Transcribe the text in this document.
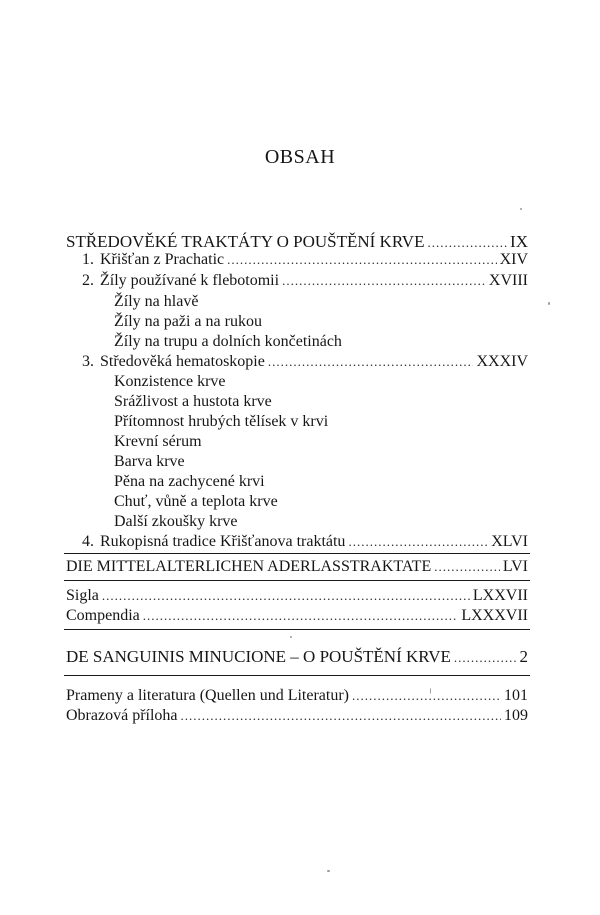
OBSAH
STŘEDOVĚKÉ TRAKTÁTY O POUŠTĚNÍ KRVE .....	IX
1. Křišťan z Prachatic .....	XIV
2. Žíly používané k flebotomii .....	XVIII
Žíly na hlavě
Žíly na paži a na rukou
Žíly na trupu a dolních končetinách
3. Středověká hematoskopie .....	XXXIV
Konzistence krve
Srážlivost a hustota krve
Přítomnost hrubých tělísek v krvi
Krevní sérum
Barva krve
Pěna na zachycené krvi
Chuť, vůně a teplota krve
Další zkoušky krve
4. Rukopisná tradice Křišťanova traktátu .....	XLVI
DIE MITTELALTERLICHEN ADERLASSTRAKTATE .....	LVI
Sigla .....	LXXVII
Compendia .....	LXXXVII
DE SANGUINIS MINUCIONE – O POUŠTĚNÍ KRVE .....	2
Prameny a literatura (Quellen und Literatur) .....	101
Obrazová příloha .....	109
